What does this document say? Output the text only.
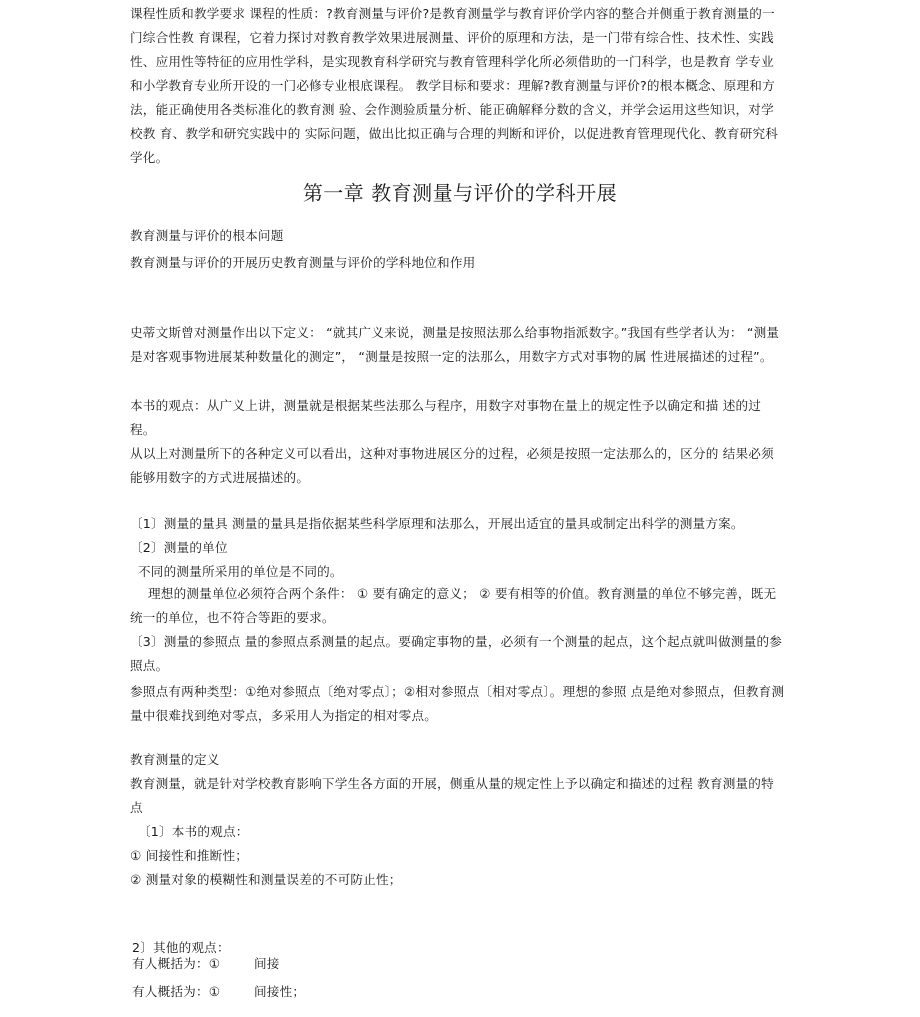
课程性质和教学要求 课程的性质：?教育测量与评价?是教育测量学与教育评价学内容的整合并侧重于教育测量的一门综合性教 育课程，它着力探讨对教育教学效果进展测量、评价的原理和方法，是一门带有综合性、技术性、实践 性、应用性等特征的应用性学科，是实现教育科学研究与教育管理科学化所必须借助的一门科学，也是教育 学专业和小学教育专业所开设的一门必修专业根底课程。 教学目标和要求：理解?教育测量与评价?的根本概念、原理和方法，能正确使用各类标准化的教育测 验、会作测验质量分析、能正确解释分数的含义，并学会运用这些知识，对学校教 育、教学和研究实践中的 实际问题，做出比拟正确与合理的判断和评价，以促进教育管理现代化、教育研究科学化。

第一章 教育测量与评价的学科开展

教育测量与评价的根本问题

教育测量与评价的开展历史教育测量与评价的学科地位和作用

史蒂文斯曾对测量作出以下定义： “就其广义来说，测量是按照法那么给事物指派数字。”我国有些学者认为： “测量是对客观事物进展某种数量化的测定”， “测量是按照一定的法那么，用数字方式对事物的属 性进展描述的过程”。

本书的观点：从广义上讲，测量就是根据某些法那么与程序，用数字对事物在量上的规定性予以确定和描 述的过程。

从以上对测量所下的各种定义可以看出，这种对事物进展区分的过程，必须是按照一定法那么的，区分的 结果必须能够用数字的方式进展描述的。

〔1〕测量的量具 测量的量具是指依据某些科学原理和法那么，开展出适宜的量具或制定出科学的测量方案。

〔2〕测量的单位

不同的测量所采用的单位是不同的。

理想的测量单位必须符合两个条件： ① 要有确定的意义； ② 要有相等的价值。教育测量的单位不够完善，既无统一的单位，也不符合等距的要求。

〔3〕测量的参照点 量的参照点系测量的起点。要确定事物的量，必须有一个测量的起点，这个起点就叫做测量的参照点。

参照点有两种类型：①绝对参照点〔绝对零点〕；②相对参照点〔相对零点〕。理想的参照 点是绝对参照点，但教育测量中很难找到绝对零点，多采用人为指定的相对零点。

教育测量的定义

教育测量，就是针对学校教育影响下学生各方面的开展，侧重从量的规定性上予以确定和描述的过程 教育测量的特点

〔1〕本书的观点：

① 间接性和推断性；

② 测量对象的模糊性和测量误差的不可防止性；

2〕其他的观点：

有人概括为：①	间接

有人概括为：①	间接性；
